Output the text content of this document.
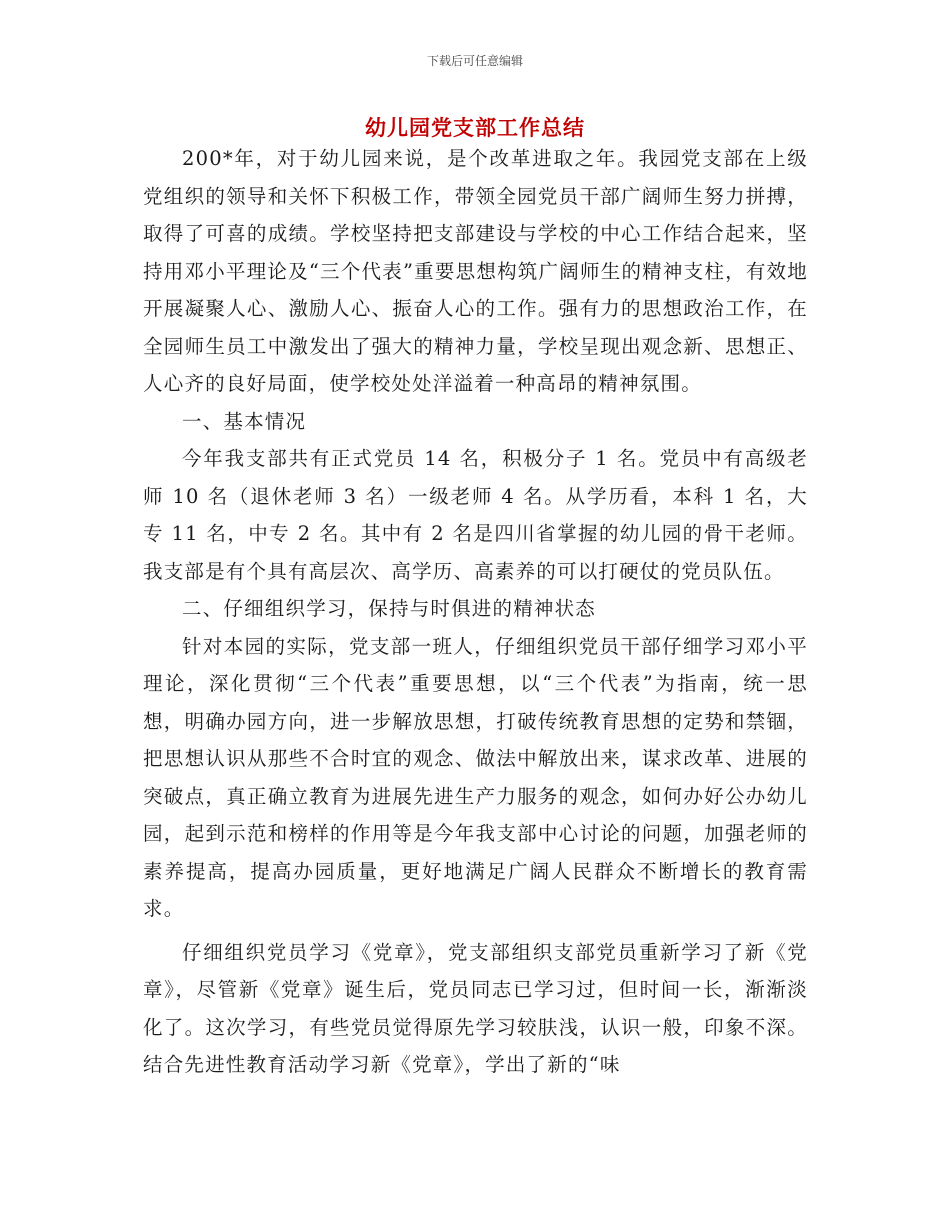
下载后可任意编辑
幼儿园党支部工作总结

200*年，对于幼儿园来说，是个改革进取之年。我园党支部在上级党组织的领导和关怀下积极工作，带领全园党员干部广阔师生努力拼搏，取得了可喜的成绩。学校坚持把支部建设与学校的中心工作结合起来，坚持用邓小平理论及“三个代表”重要思想构筑广阔师生的精神支柱，有效地开展凝聚人心、激励人心、振奋人心的工作。强有力的思想政治工作，在全园师生员工中激发出了强大的精神力量，学校呈现出观念新、思想正、人心齐的良好局面，使学校处处洋溢着一种高昂的精神氛围。

一、基本情况

今年我支部共有正式党员 14 名，积极分子 1 名。党员中有高级老师 10 名（退休老师 3 名）一级老师 4 名。从学历看，本科 1 名，大专 11 名，中专 2 名。其中有 2 名是四川省掌握的幼儿园的骨干老师。我支部是有个具有高层次、高学历、高素养的可以打硬仗的党员队伍。

二、仔细组织学习，保持与时俱进的精神状态

针对本园的实际，党支部一班人，仔细组织党员干部仔细学习邓小平理论，深化贯彻“三个代表”重要思想，以“三个代表”为指南，统一思想，明确办园方向，进一步解放思想，打破传统教育思想的定势和禁锢，把思想认识从那些不合时宜的观念、做法中解放出来，谋求改革、进展的突破点，真正确立教育为进展先进生产力服务的观念，如何办好公办幼儿园，起到示范和榜样的作用等是今年我支部中心讨论的问题，加强老师的素养提高，提高办园质量，更好地满足广阔人民群众不断增长的教育需求。

仔细组织党员学习《党章》，党支部组织支部党员重新学习了新《党章》，尽管新《党章》诞生后，党员同志已学习过，但时间一长，渐渐淡化了。这次学习，有些党员觉得原先学习较肤浅，认识一般，印象不深。结合先进性教育活动学习新《党章》，学出了新的“味
